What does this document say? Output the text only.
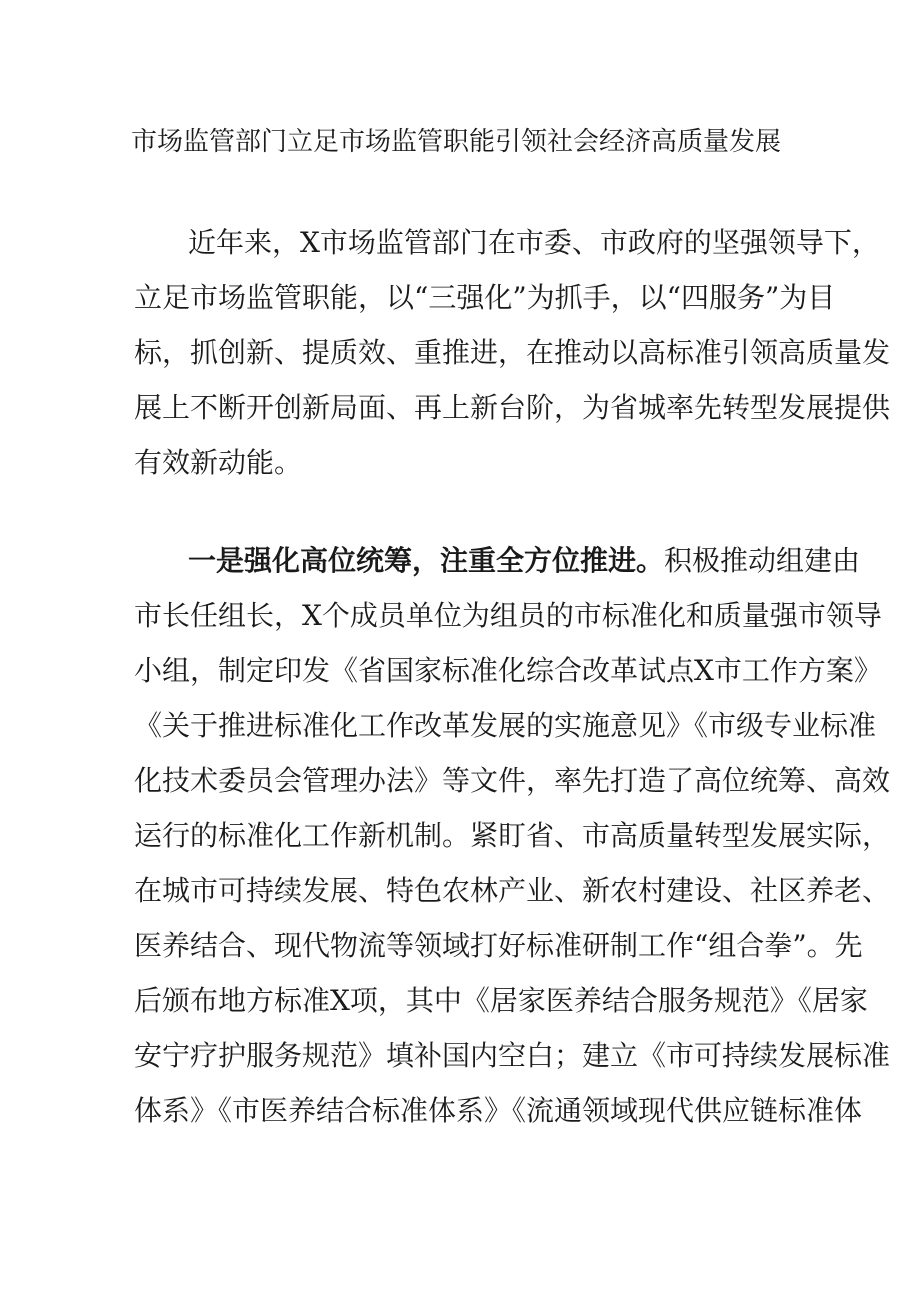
市场监管部门立足市场监管职能引领社会经济高质量发展

近年来，X市场监管部门在市委、市政府的坚强领导下，

立足市场监管职能，以“三强化”为抓手，以“四服务”为目

标，抓创新、提质效、重推进，在推动以高标准引领高质量发

展上不断开创新局面、再上新台阶，为省城率先转型发展提供

有效新动能。

一是强化高位统筹，注重全方位推进。积极推动组建由

市长任组长，X个成员单位为组员的市标准化和质量强市领导

小组，制定印发《省国家标准化综合改革试点X市工作方案》

《关于推进标准化工作改革发展的实施意见》《市级专业标准

化技术委员会管理办法》等文件，率先打造了高位统筹、高效

运行的标准化工作新机制。紧盯省、市高质量转型发展实际，

在城市可持续发展、特色农林产业、新农村建设、社区养老、

医养结合、现代物流等领域打好标准研制工作“组合拳”。先

后颁布地方标准X项，其中《居家医养结合服务规范》《居家

安宁疗护服务规范》填补国内空白；建立《市可持续发展标准

体系》《市医养结合标准体系》《流通领域现代供应链标准体
